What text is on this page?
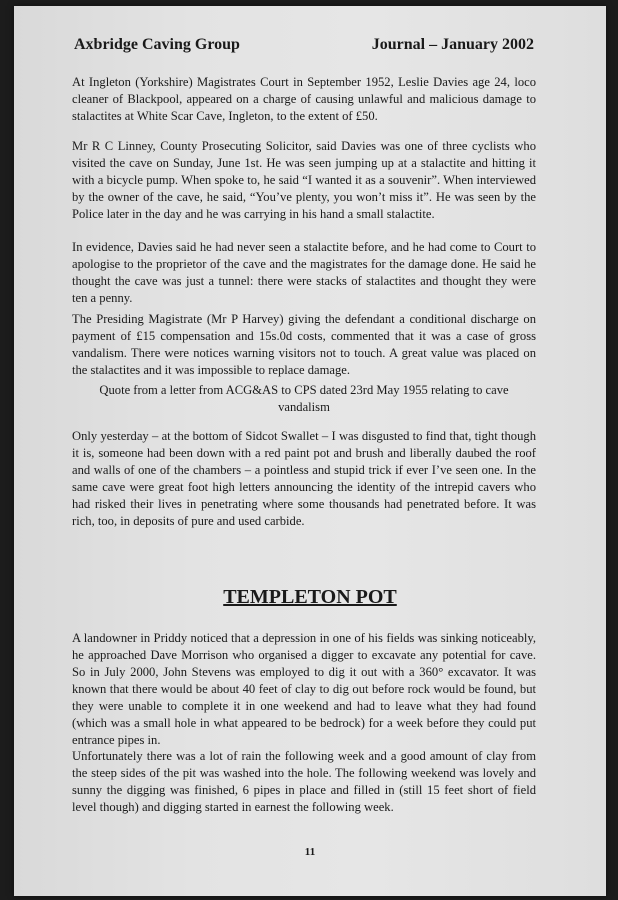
Axbridge Caving Group	Journal – January 2002

At Ingleton (Yorkshire) Magistrates Court in September 1952, Leslie Davies age 24, loco cleaner of Blackpool, appeared on a charge of causing unlawful and malicious damage to stalactites at White Scar Cave, Ingleton, to the extent of £50.

Mr R C Linney, County Prosecuting Solicitor, said Davies was one of three cyclists who visited the cave on Sunday, June 1st. He was seen jumping up at a stalactite and hitting it with a bicycle pump. When spoke to, he said “I wanted it as a souvenir”. When interviewed by the owner of the cave, he said, “You’ve plenty, you won’t miss it”. He was seen by the Police later in the day and he was carrying in his hand a small stalactite.

In evidence, Davies said he had never seen a stalactite before, and he had come to Court to apologise to the proprietor of the cave and the magistrates for the damage done. He said he thought the cave was just a tunnel: there were stacks of stalactites and thought they were ten a penny.

The Presiding Magistrate (Mr P Harvey) giving the defendant a conditional discharge on payment of £15 compensation and 15s.0d costs, commented that it was a case of gross vandalism. There were notices warning visitors not to touch. A great value was placed on the stalactites and it was impossible to replace damage.

Quote from a letter from ACG&AS to CPS dated 23rd May 1955 relating to cave vandalism

Only yesterday – at the bottom of Sidcot Swallet – I was disgusted to find that, tight though it is, someone had been down with a red paint pot and brush and liberally daubed the roof and walls of one of the chambers – a pointless and stupid trick if ever I’ve seen one. In the same cave were great foot high letters announcing the identity of the intrepid cavers who had risked their lives in penetrating where some thousands had penetrated before. It was rich, too, in deposits of pure and used carbide.

TEMPLETON POT

A landowner in Priddy noticed that a depression in one of his fields was sinking noticeably, he approached Dave Morrison who organised a digger to excavate any potential for cave. So in July 2000, John Stevens was employed to dig it out with a 360° excavator. It was known that there would be about 40 feet of clay to dig out before rock would be found, but they were unable to complete it in one weekend and had to leave what they had found (which was a small hole in what appeared to be bedrock) for a week before they could put entrance pipes in.

Unfortunately there was a lot of rain the following week and a good amount of clay from the steep sides of the pit was washed into the hole. The following weekend was lovely and sunny the digging was finished, 6 pipes in place and filled in (still 15 feet short of field level though) and digging started in earnest the following week.

11
